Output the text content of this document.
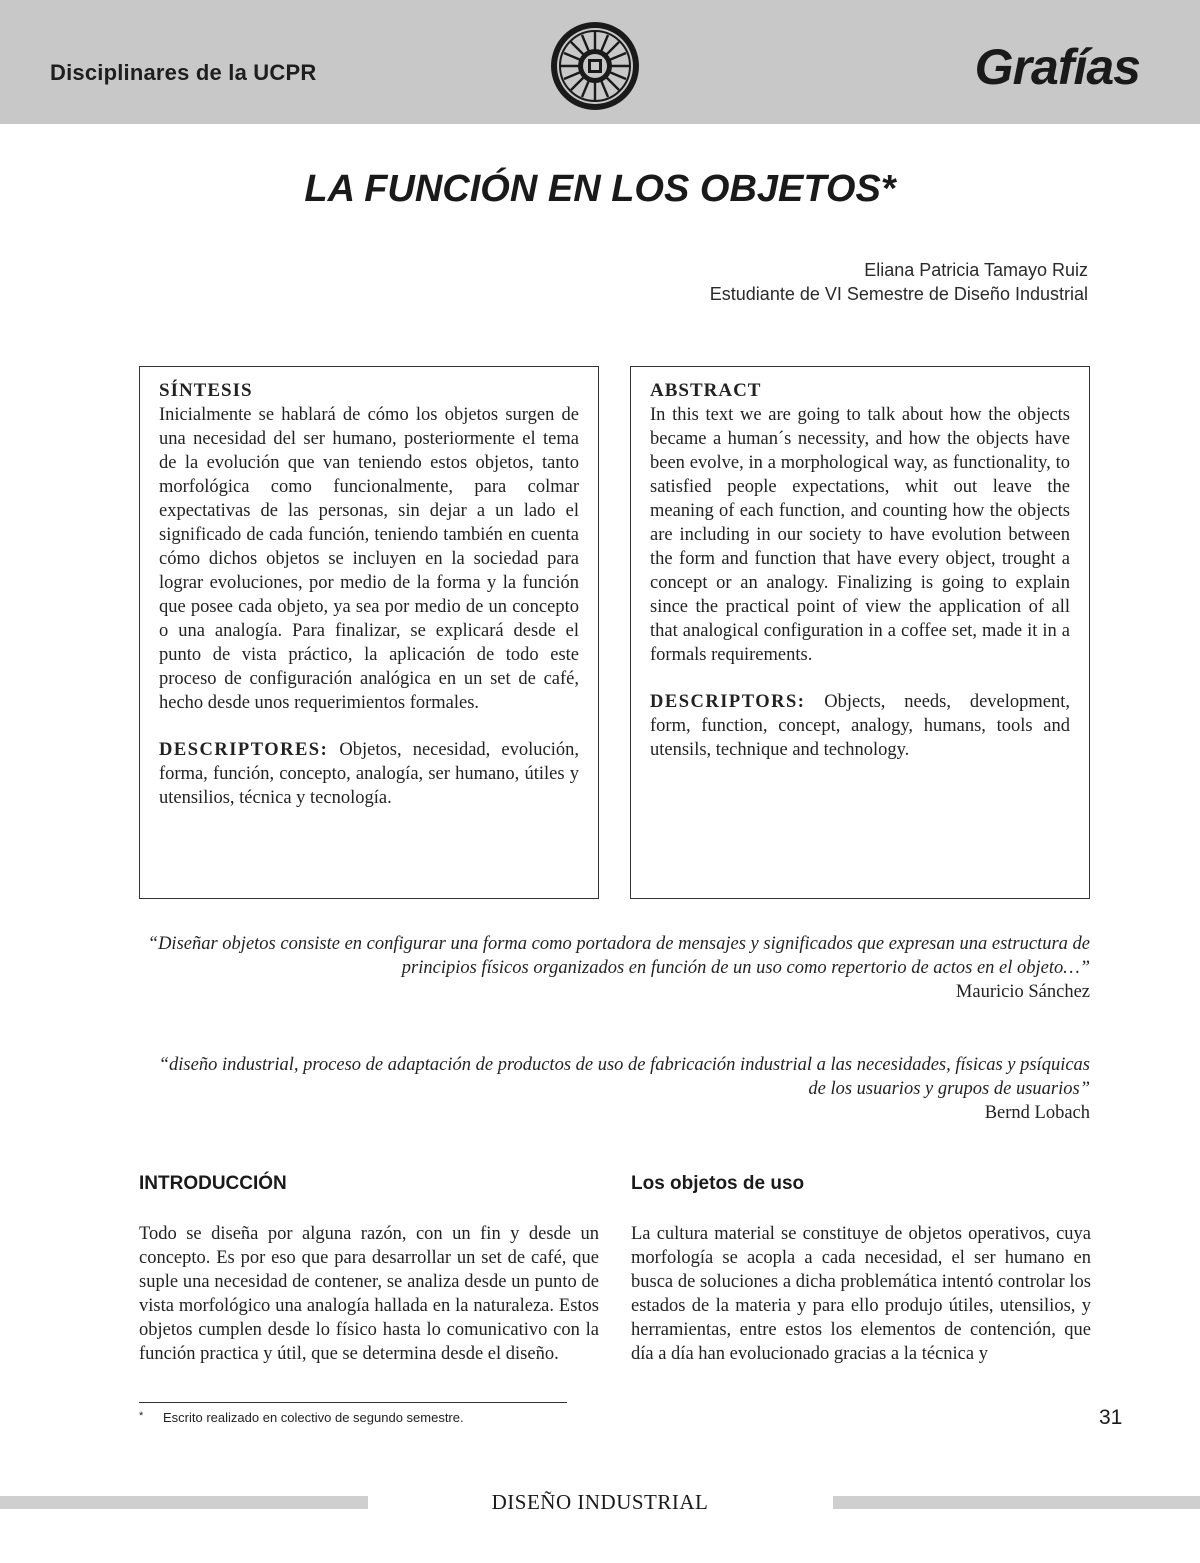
Disciplinares de la UCPR	Grafías
LA FUNCIÓN EN LOS OBJETOS*
Eliana Patricia Tamayo Ruiz
Estudiante de VI Semestre de Diseño Industrial
SÍNTESIS

Inicialmente se hablará de cómo los objetos surgen de una necesidad del ser humano, posteriormente el tema de la evolución que van teniendo estos objetos, tanto morfológica como funcionalmente, para colmar expectativas de las personas, sin dejar a un lado el significado de cada función, teniendo también en cuenta cómo dichos objetos se incluyen en la sociedad para lograr evoluciones, por medio de la forma y la función que posee cada objeto, ya sea por medio de un concepto o una analogía. Para finalizar, se explicará desde el punto de vista práctico, la aplicación de todo este proceso de configuración analógica en un set de café, hecho desde unos requerimientos formales.

DESCRIPTORES: Objetos, necesidad, evolución, forma, función, concepto, analogía, ser humano, útiles y utensilios, técnica y tecnología.

ABSTRACT

In this text we are going to talk about how the objects became a human´s necessity, and how the objects have been evolve, in a morphological way, as functionality, to satisfied people expectations, whit out leave the meaning of each function, and counting how the objects are including in our society to have evolution between the form and function that have every object, trought a concept or an analogy. Finalizing is going to explain since the practical point of view the application of all that analogical configuration in a coffee set, made it in a formals requirements.

DESCRIPTORS: Objects, needs, development, form, function, concept, analogy, humans, tools and utensils, technique and technology.

“Diseñar objetos consiste en configurar una forma como portadora de mensajes y significados que expresan una estructura de principios físicos organizados en función de un uso como repertorio de actos en el objeto…”
Mauricio Sánchez
“diseño industrial, proceso de adaptación de productos de uso de fabricación industrial a las necesidades, físicas y psíquicas de los usuarios y grupos de usuarios”
Bernd Lobach
INTRODUCCIÓN

Todo se diseña por alguna razón, con un fin y desde un concepto. Es por eso que para desarrollar un set de café, que suple una necesidad de contener, se analiza desde un punto de vista morfológico una analogía hallada en la naturaleza. Estos objetos cumplen desde lo físico hasta lo comunicativo con la función practica y útil, que se determina desde el diseño.

Los objetos de uso

La cultura material se constituye de objetos operativos, cuya morfología se acopla a cada necesidad, el ser humano en busca de soluciones a dicha problemática intentó controlar los estados de la materia y para ello produjo útiles, utensilios, y herramientas, entre estos los elementos de contención, que día a día han evolucionado gracias a la técnica y

* Escrito realizado en colectivo de segundo semestre.	31
DISEÑO INDUSTRIAL
